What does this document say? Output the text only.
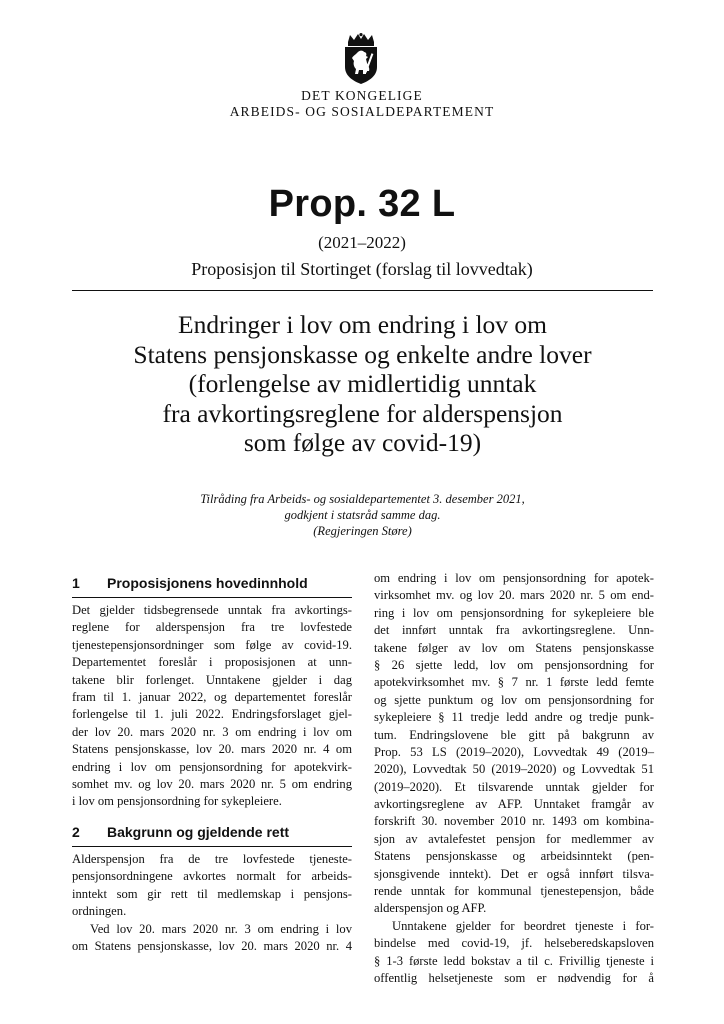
DET KONGELIGE
ARBEIDS- OG SOSIALDEPARTEMENT
Prop. 32 L
(2021–2022)
Proposisjon til Stortinget (forslag til lovvedtak)
Endringer i lov om endring i lov om
Statens pensjonskasse og enkelte andre lover
(forlengelse av midlertidig unntak
fra avkortingsreglene for alderspensjon
som følge av covid-19)
Tilråding fra Arbeids- og sosialdepartementet 3. desember 2021,
godkjent i statsråd samme dag.
(Regjeringen Støre)
1 Proposisjonens hovedinnhold
Det gjelder tidsbegrensede unntak fra avkortings-
reglene for alderspensjon fra tre lovfestede
tjenestepensjonsordninger som følge av covid-19.
Departementet foreslår i proposisjonen at unn-
takene blir forlenget. Unntakene gjelder i dag
fram til 1. januar 2022, og departementet foreslår
forlengelse til 1. juli 2022. Endringsforslaget gjel-
der lov 20. mars 2020 nr. 3 om endring i lov om
Statens pensjonskasse, lov 20. mars 2020 nr. 4 om
endring i lov om pensjonsordning for apotekvirk-
somhet mv. og lov 20. mars 2020 nr. 5 om endring
i lov om pensjonsordning for sykepleiere.
2 Bakgrunn og gjeldende rett
Alderspensjon fra de tre lovfestede tjeneste-
pensjonsordningene avkortes normalt for arbeids-
inntekt som gir rett til medlemskap i pensjons-
ordningen.
Ved lov 20. mars 2020 nr. 3 om endring i lov
om Statens pensjonskasse, lov 20. mars 2020 nr. 4
om endring i lov om pensjonsordning for apotek-
virksomhet mv. og lov 20. mars 2020 nr. 5 om end-
ring i lov om pensjonsordning for sykepleiere ble
det innført unntak fra avkortingsreglene. Unn-
takene følger av lov om Statens pensjonskasse
§ 26 sjette ledd, lov om pensjonsordning for
apotekvirksomhet mv. § 7 nr. 1 første ledd femte
og sjette punktum og lov om pensjonsordning for
sykepleiere § 11 tredje ledd andre og tredje punk-
tum. Endringslovene ble gitt på bakgrunn av
Prop. 53 LS (2019–2020), Lovvedtak 49 (2019–
2020), Lovvedtak 50 (2019–2020) og Lovvedtak 51
(2019–2020). Et tilsvarende unntak gjelder for
avkortingsreglene av AFP. Unntaket framgår av
forskrift 30. november 2010 nr. 1493 om kombina-
sjon av avtalefestet pensjon for medlemmer av
Statens pensjonskasse og arbeidsinntekt (pen-
sjonsgivende inntekt). Det er også innført tilsva-
rende unntak for kommunal tjenestepensjon, både
alderspensjon og AFP.
Unntakene gjelder for beordret tjeneste i for-
bindelse med covid-19, jf. helseberedskapsloven
§ 1-3 første ledd bokstav a til c. Frivillig tjeneste i
offentlig helsetjeneste som er nødvendig for å
